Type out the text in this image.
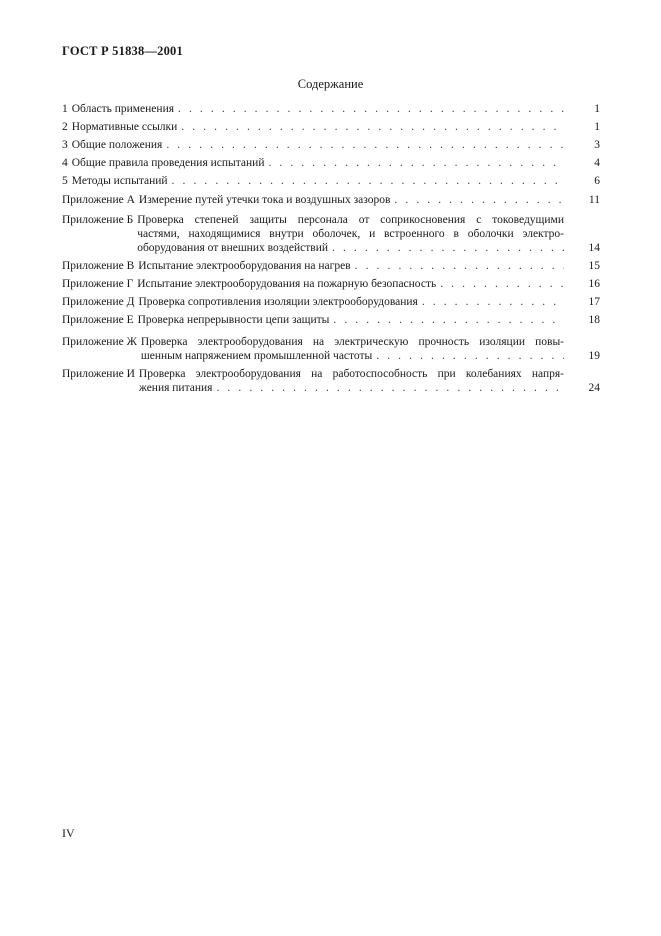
ГОСТ Р 51838—2001
Содержание
1 Область применения . . .	1
2 Нормативные ссылки . . .	1
3 Общие положения . . .	3
4 Общие правила проведения испытаний . . .	4
5 Методы испытаний . . .	6
Приложение А Измерение путей утечки тока и воздушных зазоров . . .	11
Приложение Б Проверка степеней защиты персонала от соприкосновения с токоведущими
частями, находящимися внутри оболочек, и встроенного в оболочки электро-
оборудования от внешних воздействий . . .	14
Приложение В Испытание электрооборудования на нагрев . . .	15
Приложение Г Испытание электрооборудования на пожарную безопасность . . .	16
Приложение Д Проверка сопротивления изоляции электрооборудования . . .	17
Приложение Е Проверка непрерывности цепи защиты . . .	18
Приложение Ж Проверка электрооборудования на электрическую прочность изоляции повы-
шенным напряжением промышленной частоты . . .	19
Приложение И Проверка электрооборудования на работоспособность при колебаниях напря-
жения питания . . .	24
IV
